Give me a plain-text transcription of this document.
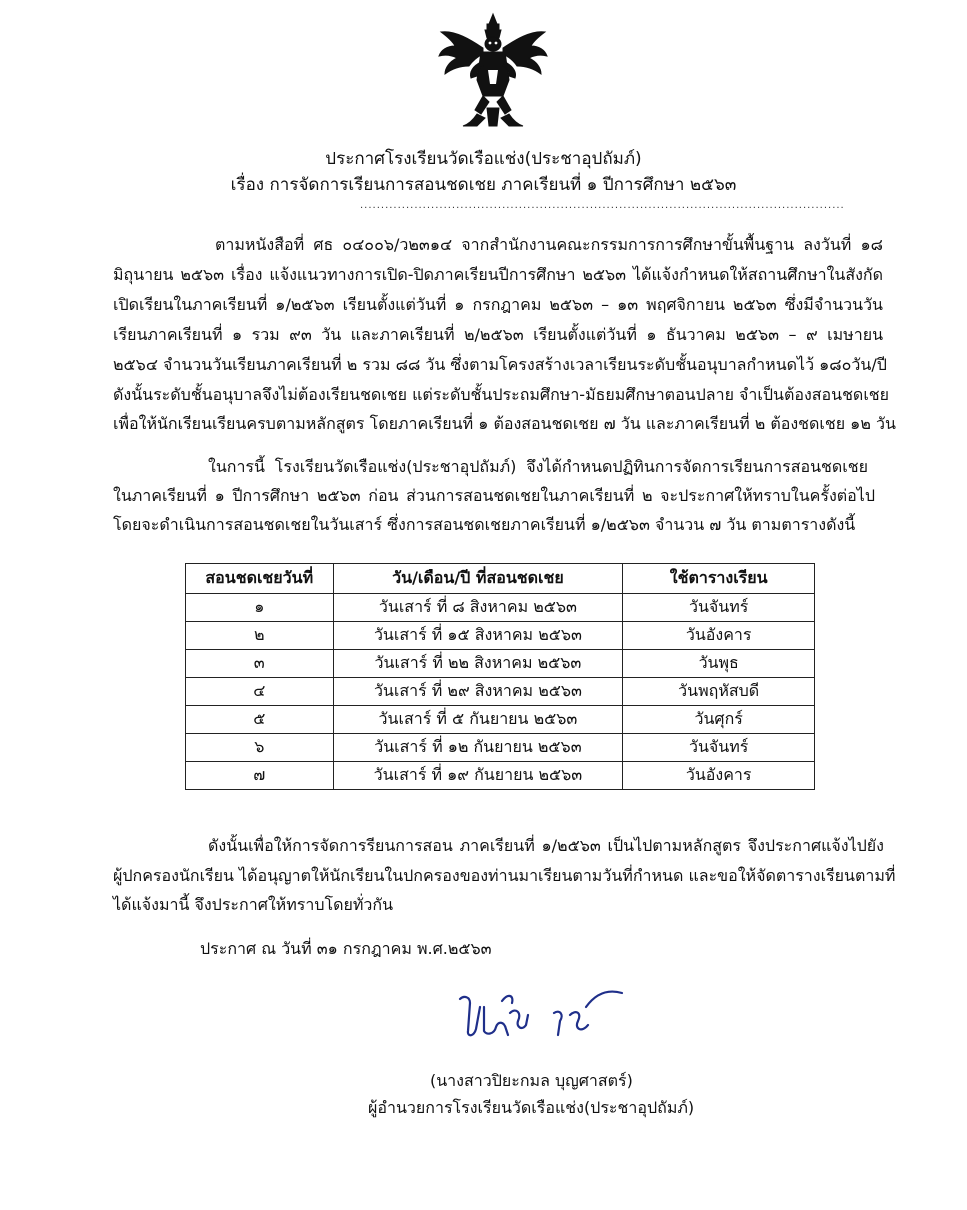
ประกาศโรงเรียนวัดเรือแช่ง(ประชาอุปถัมภ์)
เรื่อง การจัดการเรียนการสอนชดเชย ภาคเรียนที่ ๑ ปีการศึกษา ๒๕๖๓
....................................................................................................................
ตามหนังสือที่ ศธ ๐๔๐๐๖/ว๒๓๑๔ จากสำนักงานคณะกรรมการการศึกษาขั้นพื้นฐาน ลงวันที่ ๑๘
มิถุนายน ๒๕๖๓ เรื่อง แจ้งแนวทางการเปิด-ปิดภาคเรียนปีการศึกษา ๒๕๖๓ ได้แจ้งกำหนดให้สถานศึกษาในสังกัด
เปิดเรียนในภาคเรียนที่ ๑/๒๕๖๓ เรียนตั้งแต่วันที่ ๑ กรกฎาคม ๒๕๖๓ – ๑๓ พฤศจิกายน ๒๕๖๓ ซึ่งมีจำนวนวัน
เรียนภาคเรียนที่ ๑ รวม ๙๓ วัน และภาคเรียนที่ ๒/๒๕๖๓ เรียนตั้งแต่วันที่ ๑ ธันวาคม ๒๕๖๓ – ๙ เมษายน
๒๕๖๔ จำนวนวันเรียนภาคเรียนที่ ๒ รวม ๘๘ วัน ซึ่งตามโครงสร้างเวลาเรียนระดับชั้นอนุบาลกำหนดไว้ ๑๘๐วัน/ปี
ดังนั้นระดับชั้นอนุบาลจึงไม่ต้องเรียนชดเชย แต่ระดับชั้นประถมศึกษา-มัธยมศึกษาตอนปลาย จำเป็นต้องสอนชดเชย
เพื่อให้นักเรียนเรียนครบตามหลักสูตร โดยภาคเรียนที่ ๑ ต้องสอนชดเชย ๗ วัน และภาคเรียนที่ ๒ ต้องชดเชย ๑๒ วัน
ในการนี้ โรงเรียนวัดเรือแช่ง(ประชาอุปถัมภ์) จึงได้กำหนดปฏิทินการจัดการเรียนการสอนชดเชย
ในภาคเรียนที่ ๑ ปีการศึกษา ๒๕๖๓ ก่อน ส่วนการสอนชดเชยในภาคเรียนที่ ๒ จะประกาศให้ทราบในครั้งต่อไป
โดยจะดำเนินการสอนชดเชยในวันเสาร์ ซึ่งการสอนชดเชยภาคเรียนที่ ๑/๒๕๖๓ จำนวน ๗ วัน ตามตารางดังนี้
สอนชดเชยวันที่	วัน/เดือน/ปี ที่สอนชดเชย	ใช้ตารางเรียน
๑	วันเสาร์ ที่ ๘ สิงหาคม ๒๕๖๓	วันจันทร์
๒	วันเสาร์ ที่ ๑๕ สิงหาคม ๒๕๖๓	วันอังคาร
๓	วันเสาร์ ที่ ๒๒ สิงหาคม ๒๕๖๓	วันพุธ
๔	วันเสาร์ ที่ ๒๙ สิงหาคม ๒๕๖๓	วันพฤหัสบดี
๕	วันเสาร์ ที่ ๕ กันยายน ๒๕๖๓	วันศุกร์
๖	วันเสาร์ ที่ ๑๒ กันยายน ๒๕๖๓	วันจันทร์
๗	วันเสาร์ ที่ ๑๙ กันยายน ๒๕๖๓	วันอังคาร
ดังนั้นเพื่อให้การจัดการรียนการสอน ภาคเรียนที่ ๑/๒๕๖๓ เป็นไปตามหลักสูตร จึงประกาศแจ้งไปยัง
ผู้ปกครองนักเรียน ได้อนุญาตให้นักเรียนในปกครองของท่านมาเรียนตามวันที่กำหนด และขอให้จัดตารางเรียนตามที่
ได้แจ้งมานี้ จึงประกาศให้ทราบโดยทั่วกัน
ประกาศ ณ วันที่ ๓๑ กรกฎาคม พ.ศ.๒๕๖๓
(นางสาวปิยะกมล บุญศาสตร์)
ผู้อำนวยการโรงเรียนวัดเรือแช่ง(ประชาอุปถัมภ์)
